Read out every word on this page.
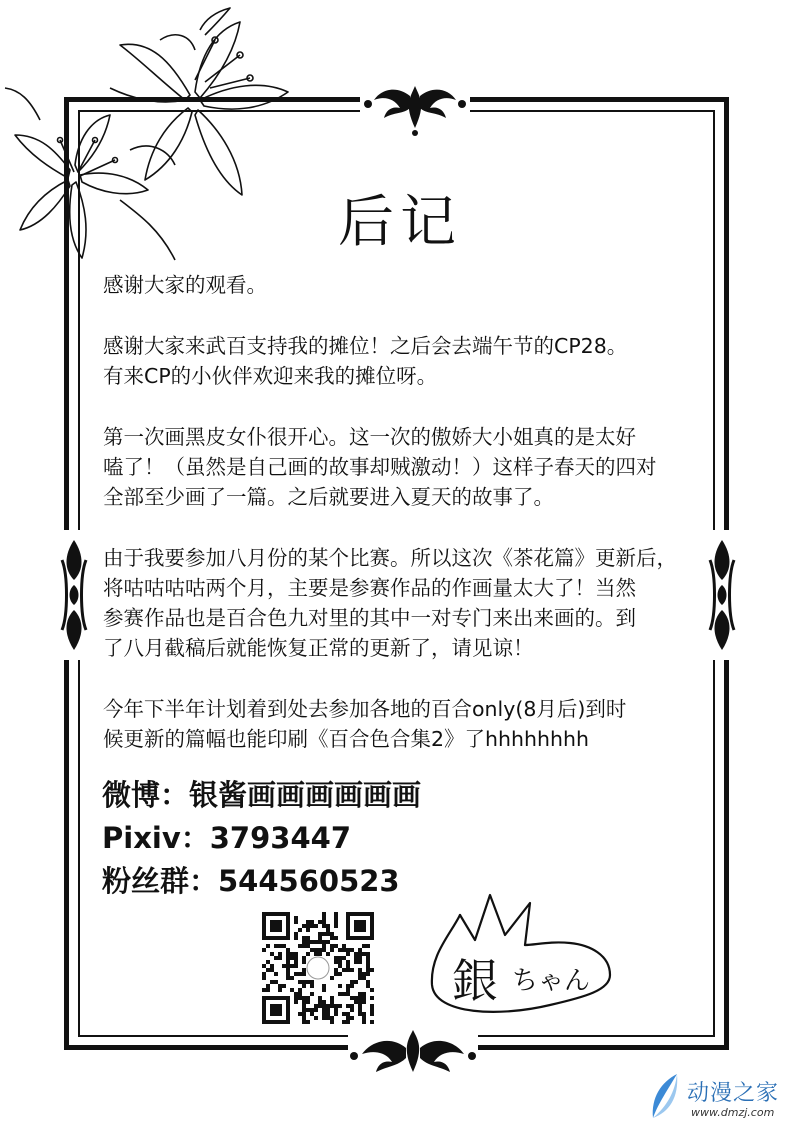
后记

感谢大家的观看。

感谢大家来武百支持我的摊位！之后会去端午节的CP28。
有来CP的小伙伴欢迎来我的摊位呀。

第一次画黑皮女仆很开心。这一次的傲娇大小姐真的是太好
嗑了！（虽然是自己画的故事却贼激动！）这样子春天的四对
全部至少画了一篇。之后就要进入夏天的故事了。

由于我要参加八月份的某个比赛。所以这次《茶花篇》更新后，
将咕咕咕咕两个月，主要是参赛作品的作画量太大了！当然
参赛作品也是百合色九对里的其中一对专门来出来画的。到
了八月截稿后就能恢复正常的更新了，请见谅！

今年下半年计划着到处去参加各地的百合only(8月后)到时
候更新的篇幅也能印刷《百合色合集2》了hhhhhhhh

微博：银酱画画画画画画
Pixiv：3793447
粉丝群：544560523
銀 ちゃん
动漫之家
www.dmzj.com
